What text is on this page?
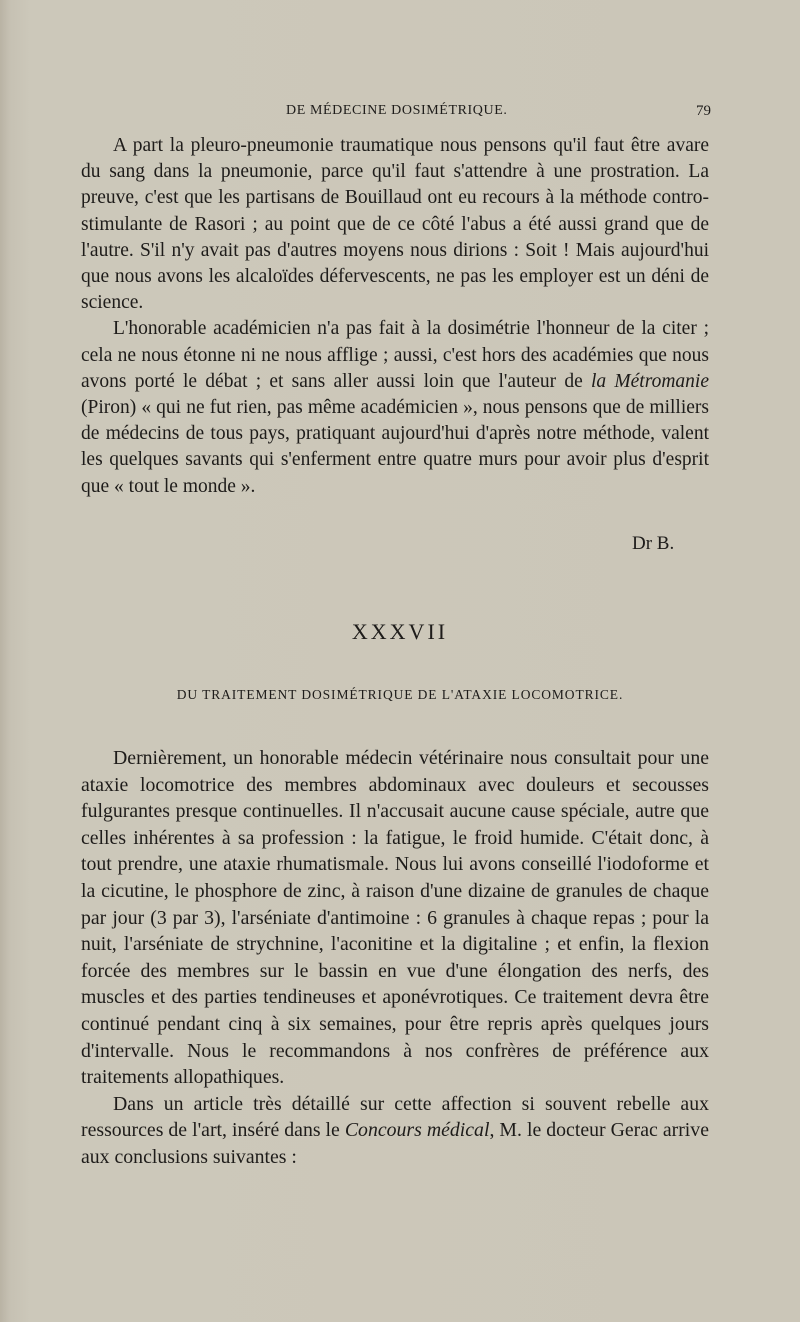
DE MÉDECINE DOSIMÉTRIQUE.	79

A part la pleuro-pneumonie traumatique nous pensons qu'il faut être avare du sang dans la pneumonie, parce qu'il faut s'attendre à une prostration. La preuve, c'est que les partisans de Bouillaud ont eu recours à la méthode contro-stimulante de Rasori ; au point que de ce côté l'abus a été aussi grand que de l'autre. S'il n'y avait pas d'autres moyens nous dirions : Soit ! Mais aujourd'hui que nous avons les alcaloïdes défervescents, ne pas les employer est un déni de science.

L'honorable académicien n'a pas fait à la dosimétrie l'honneur de la citer ; cela ne nous étonne ni ne nous afflige ; aussi, c'est hors des académies que nous avons porté le débat ; et sans aller aussi loin que l'auteur de la Métromanie (Piron) « qui ne fut rien, pas même académicien », nous pensons que de milliers de médecins de tous pays, pratiquant aujourd'hui d'après notre méthode, valent les quelques savants qui s'enferment entre quatre murs pour avoir plus d'esprit que « tout le monde ».

Dr B.
XXXVII
DU TRAITEMENT DOSIMÉTRIQUE DE L'ATAXIE LOCOMOTRICE.

Dernièrement, un honorable médecin vétérinaire nous consultait pour une ataxie locomotrice des membres abdominaux avec douleurs et secousses fulgurantes presque continuelles. Il n'accusait aucune cause spéciale, autre que celles inhérentes à sa profession : la fatigue, le froid humide. C'était donc, à tout prendre, une ataxie rhumatismale. Nous lui avons conseillé l'iodoforme et la cicutine, le phosphore de zinc, à raison d'une dizaine de granules de chaque par jour (3 par 3), l'arséniate d'antimoine : 6 granules à chaque repas ; pour la nuit, l'arséniate de strychnine, l'aconitine et la digitaline ; et enfin, la flexion forcée des membres sur le bassin en vue d'une élongation des nerfs, des muscles et des parties tendineuses et aponévrotiques. Ce traitement devra être continué pendant cinq à six semaines, pour être repris après quelques jours d'intervalle. Nous le recommandons à nos confrères de préférence aux traitements allopathiques.

Dans un article très détaillé sur cette affection si souvent rebelle aux ressources de l'art, inséré dans le Concours médical, M. le docteur Gerac arrive aux conclusions suivantes :
